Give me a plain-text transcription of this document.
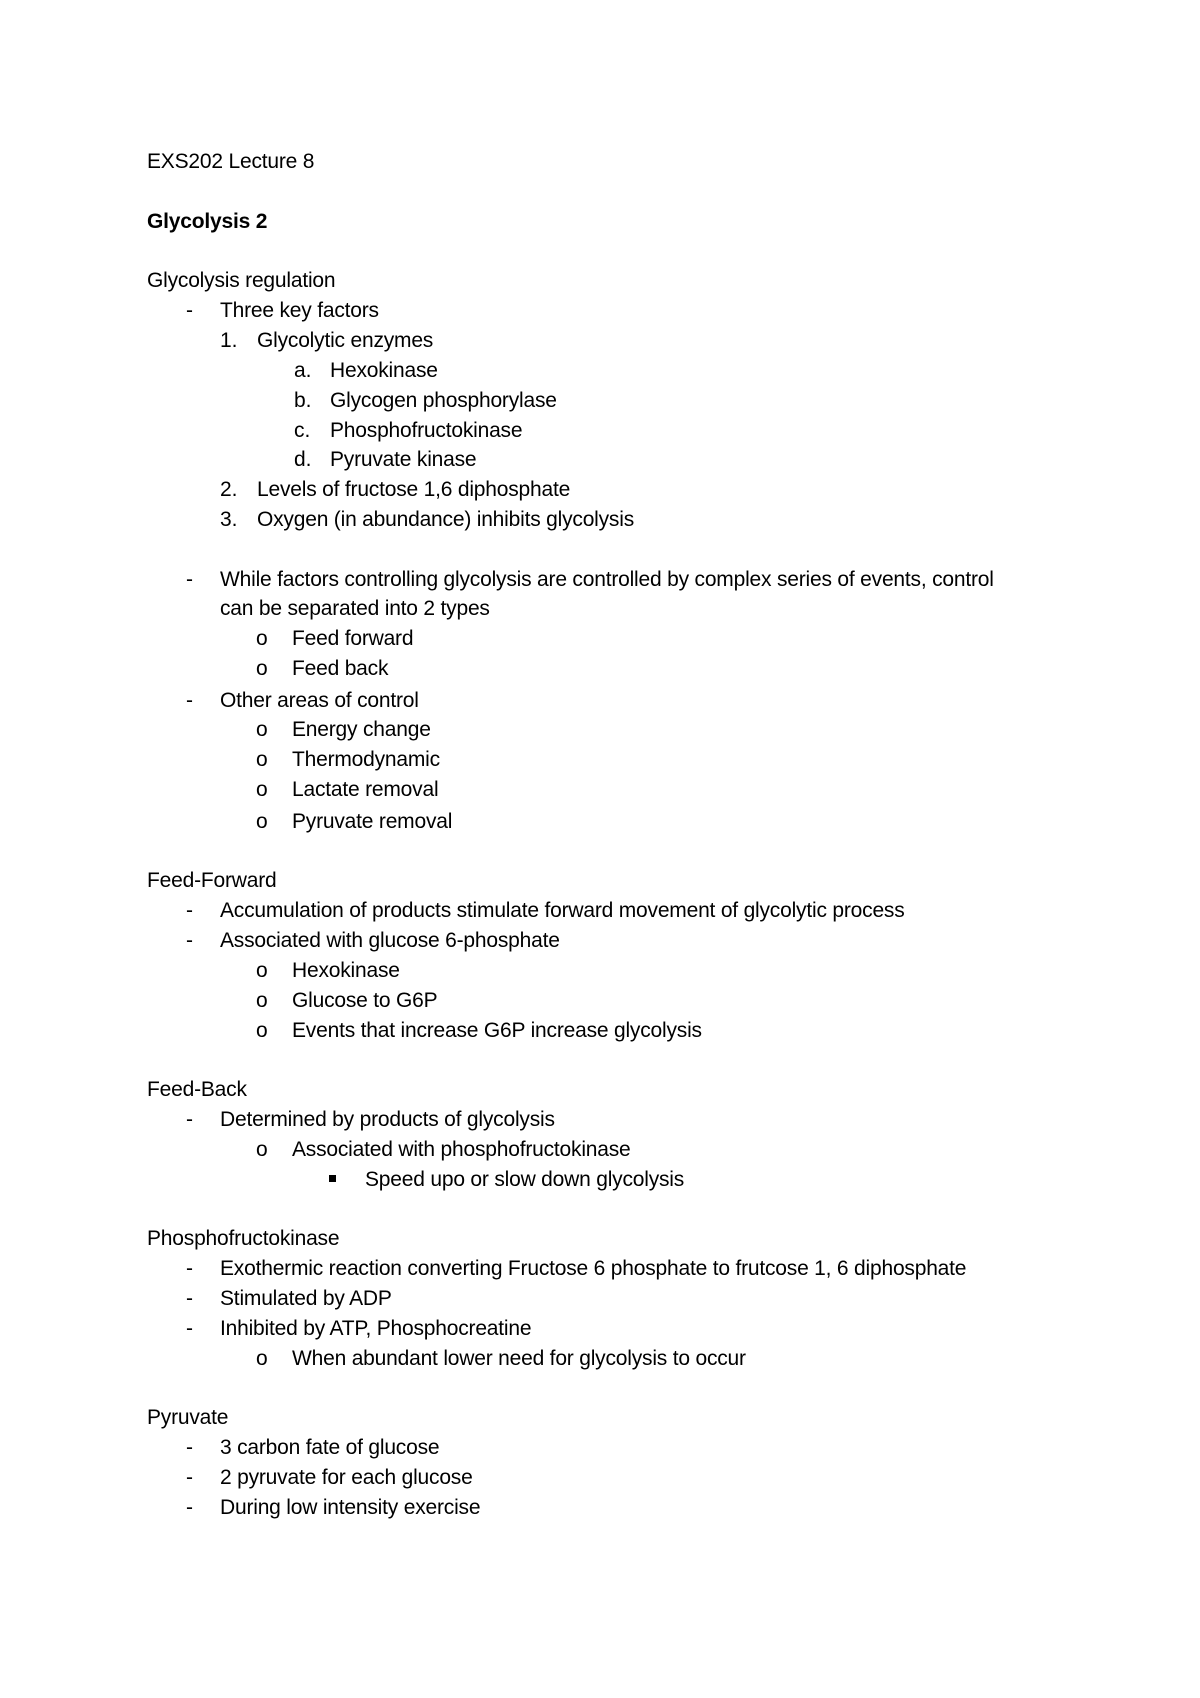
EXS202 Lecture 8
Glycolysis 2
Glycolysis regulation
- Three key factors
1. Glycolytic enzymes
a. Hexokinase
b. Glycogen phosphorylase
c. Phosphofructokinase
d. Pyruvate kinase
2. Levels of fructose 1,6 diphosphate
3. Oxygen (in abundance) inhibits glycolysis
- While factors controlling glycolysis are controlled by complex series of events, control
can be separated into 2 types
o Feed forward
o Feed back
- Other areas of control
o Energy change
o Thermodynamic
o Lactate removal
o Pyruvate removal
Feed-Forward
- Accumulation of products stimulate forward movement of glycolytic process
- Associated with glucose 6-phosphate
o Hexokinase
o Glucose to G6P
o Events that increase G6P increase glycolysis
Feed-Back
- Determined by products of glycolysis
o Associated with phosphofructokinase
Speed upo or slow down glycolysis
Phosphofructokinase
- Exothermic reaction converting Fructose 6 phosphate to frutcose 1, 6 diphosphate
- Stimulated by ADP
- Inhibited by ATP, Phosphocreatine
o When abundant lower need for glycolysis to occur
Pyruvate
- 3 carbon fate of glucose
- 2 pyruvate for each glucose
- During low intensity exercise
